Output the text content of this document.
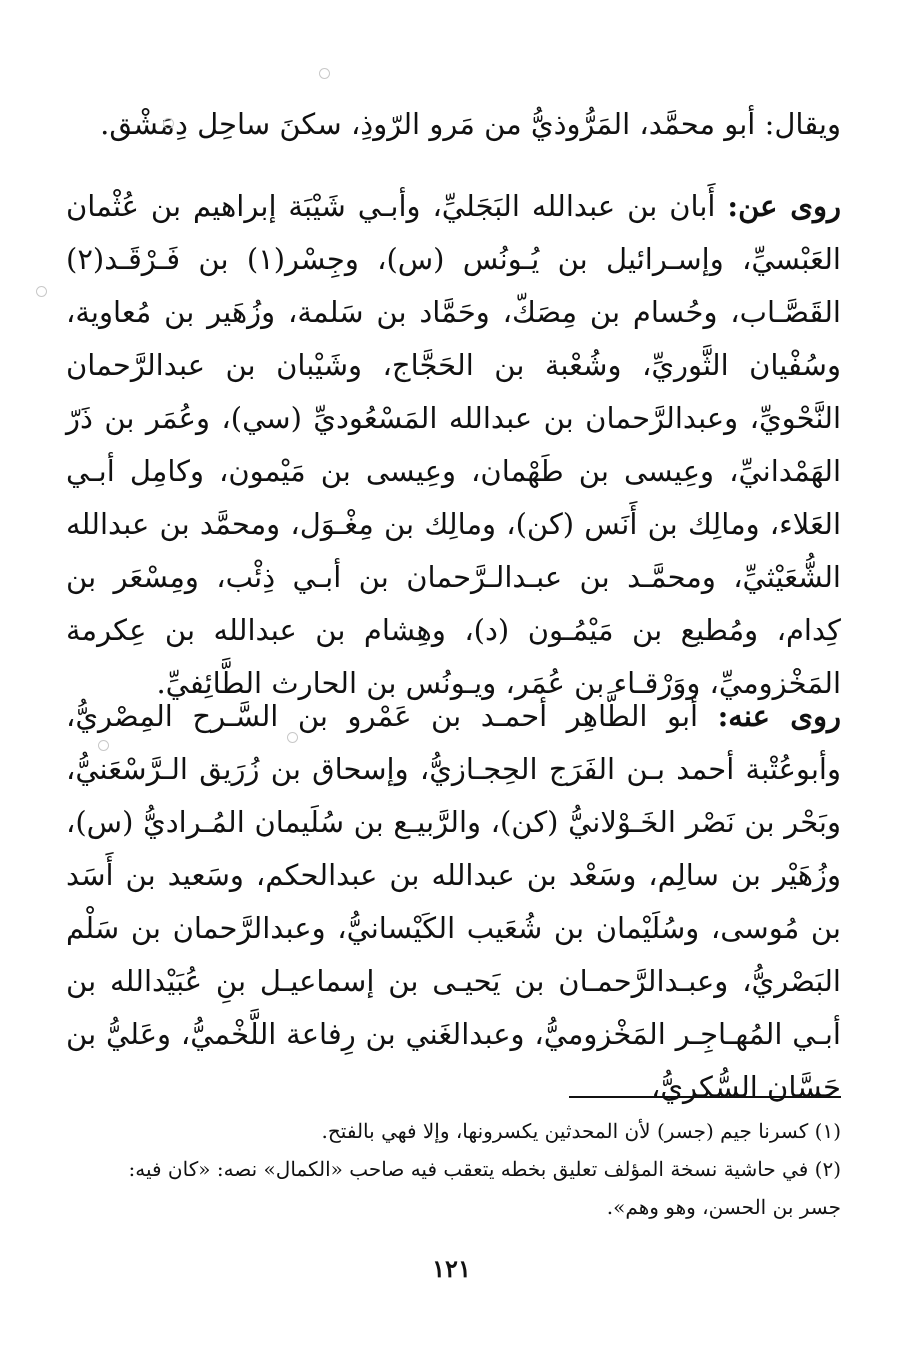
ويقال: أبو محمَّد، المَرُّوذيُّ من مَرو الرّوذِ، سكنَ ساحِل دِمَشْق.
روى عن: أَبان بن عبدالله البَجَليِّ، وأبـي شَيْبَة إبراهيم بن عُثْمان العَبْسيِّ، وإسـرائيل بن يُـونُس (س)، وجِسْر(١) بن فَـرْقَـد(٢) القَصَّـاب، وحُسام بن مِصَكّ، وحَمَّاد بن سَلمة، وزُهَير بن مُعاوية، وسُفْيان الثَّوريِّ، وشُعْبة بن الحَجَّاج، وشَيْبان بن عبدالرَّحمان النَّحْويِّ، وعبدالرَّحمان بن عبدالله المَسْعُوديِّ (سي)، وعُمَر بن ذَرّ الهَمْدانيِّ، وعِيسى بن طَهْمان، وعِيسى بن مَيْمون، وكامِل أبـي العَلاء، ومالِك بن أَنَس (كن)، ومالِك بن مِغْـوَل، ومحمَّد بن عبدالله الشُّعَيْثيِّ، ومحمَّـد بن عبـدالـرَّحمان بن أبـي ذِئْب، ومِسْعَر بن كِدام، ومُطيع بن مَيْمُـون (د)، وهِشام بن عبدالله بن عِكرمة المَخْزوميِّ، ووَرْقـاء بن عُمَر، ويـونُس بن الحارث الطَّائِفيِّ.
روى عنه: أبو الطَّاهِر أحمـد بن عَمْرو بن السَّـرح المِصْريُّ، وأبوعُتْبة أحمد بـن الفَرَج الحِجـازيُّ، وإسحاق بن زُرَيق الـرَّسْعَنيُّ، وبَحْر بن نَصْر الخَـوْلانيُّ (كن)، والرَّبيـع بن سُلَيمان المُـراديُّ (س)، وزُهَيْر بن سالِم، وسَعْد بن عبدالله بن عبدالحكم، وسَعيد بن أَسَد بن مُوسى، وسُلَيْمان بن شُعَيب الكَيْسانيُّ، وعبدالرَّحمان بن سَلْم البَصْريُّ، وعبـدالرَّحمـان بن يَحيـى بن إسماعيـل بنِ عُبَيْدالله بن أبـي المُهـاجِـر المَخْزوميُّ، وعبدالغَني بن رِفاعة اللَّخْميُّ، وعَليُّ بن حَسَّان السُّكريُّ،
(١) كسرنا جيم (جسر) لأن المحدثين يكسرونها، وإلا فهي بالفتح.
(٢) في حاشية نسخة المؤلف تعليق بخطه يتعقب فيه صاحب «الكمال» نصه: «كان فيه:
جسر بن الحسن، وهو وهم».
١٢١
